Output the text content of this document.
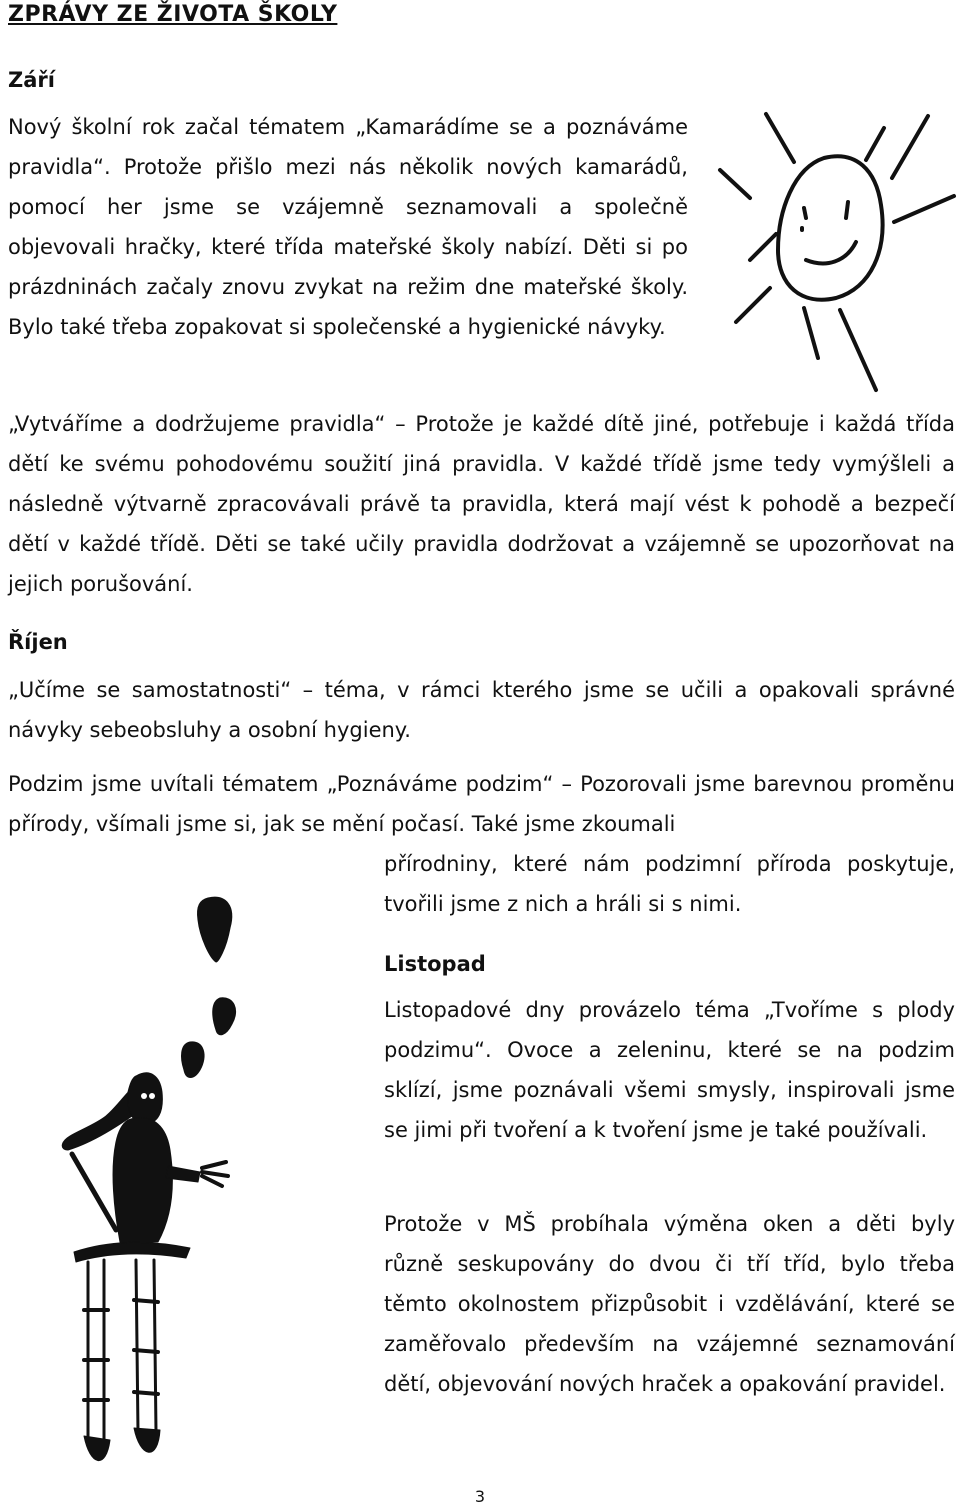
ZPRÁVY ZE ŽIVOTA ŠKOLY
Září

Nový školní rok začal tématem „Kamarádíme se a poznáváme pravidla“. Protože přišlo mezi nás několik nových kamarádů, pomocí her jsme se vzájemně seznamovali a společně objevovali hračky, které třída mateřské školy nabízí. Děti si po prázdninách začaly znovu zvykat na režim dne mateřské školy. Bylo také třeba zopakovat si společenské a hygienické návyky.

„Vytváříme a dodržujeme pravidla“ – Protože je každé dítě jiné, potřebuje i každá třída dětí ke svému pohodovému soužití jiná pravidla. V každé třídě jsme tedy vymýšleli a následně výtvarně zpracovávali právě ta pravidla, která mají vést k pohodě a bezpečí dětí v každé třídě. Děti se také učily pravidla dodržovat a vzájemně se upozorňovat na jejich porušování.

Říjen

„Učíme se samostatnosti“ – téma, v rámci kterého jsme se učili a opakovali správné návyky sebeobsluhy a osobní hygieny.

Podzim jsme uvítali tématem „Poznáváme podzim“ – Pozorovali jsme barevnou proměnu přírody, všímali jsme si, jak se mění počasí. Také jsme zkoumali

přírodniny, které nám podzimní příroda poskytuje, tvořili jsme z nich a hráli si s nimi.

Listopad

Listopadové dny provázelo téma „Tvoříme s plody podzimu“. Ovoce a zeleninu, které se na podzim sklízí, jsme poznávali všemi smysly, inspirovali jsme se jimi při tvoření a k tvoření jsme je také používali.

Protože v MŠ probíhala výměna oken a děti byly různě seskupovány do dvou či tří tříd, bylo třeba těmto okolnostem přizpůsobit i vzdělávání, které se zaměřovalo především na vzájemné seznamování dětí, objevování nových hraček a opakování pravidel.

3
